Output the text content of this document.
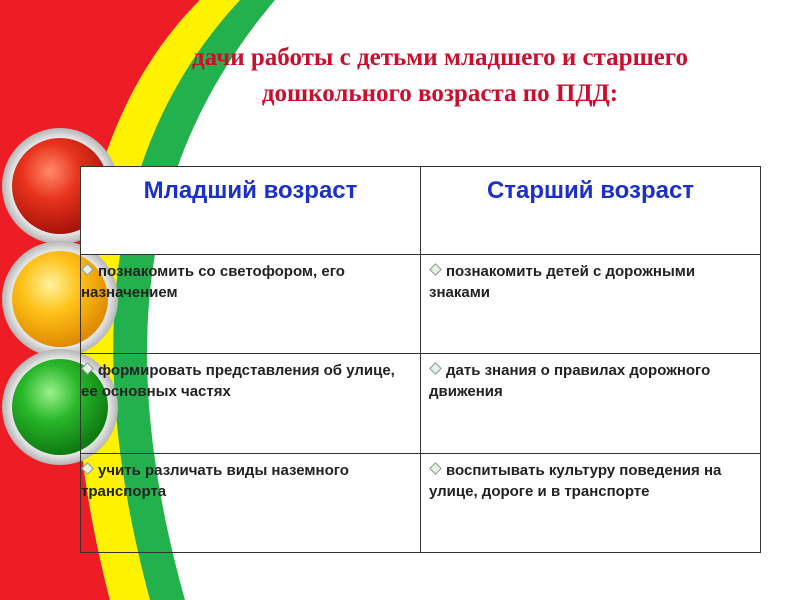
дачи работы с детьми младшего и старшего
дошкольного возраста по ПДД:
Младший возраст	Старший возраст
познакомить со светофором, его назначением	познакомить детей с дорожными знаками
формировать представления об улице, ее основных частях	дать знания о правилах дорожного движения
учить различать виды наземного транспорта	воспитывать культуру поведения на улице, дороге и в транспорте
